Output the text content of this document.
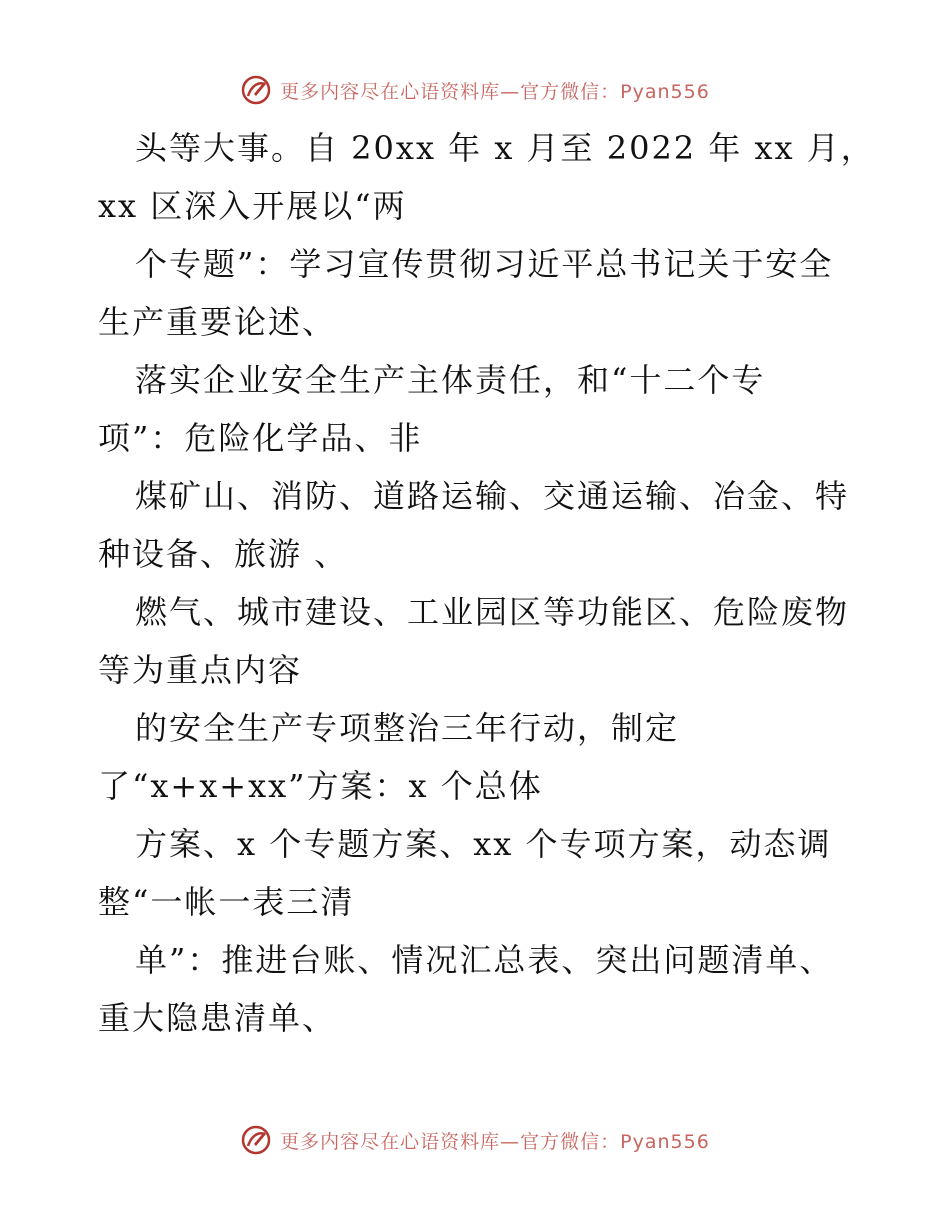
更多内容尽在心语资料库—官方微信：Pyan556
头等大事。自 20xx 年 x 月至 2022 年 xx 月，
xx 区深入开展以“两
个专题”：学习宣传贯彻习近平总书记关于安全
生产重要论述、
落实企业安全生产主体责任，和“十二个专
项”：危险化学品、非
煤矿山、消防、道路运输、交通运输、冶金、特
种设备、旅游 、
燃气、城市建设、工业园区等功能区、危险废物
等为重点内容
的安全生产专项整治三年行动，制定
了“x+x+xx”方案：x 个总体
方案、x 个专题方案、xx 个专项方案，动态调
整“一帐一表三清
单”：推进台账、情况汇总表、突出问题清单、
重大隐患清单、
更多内容尽在心语资料库—官方微信：Pyan556
